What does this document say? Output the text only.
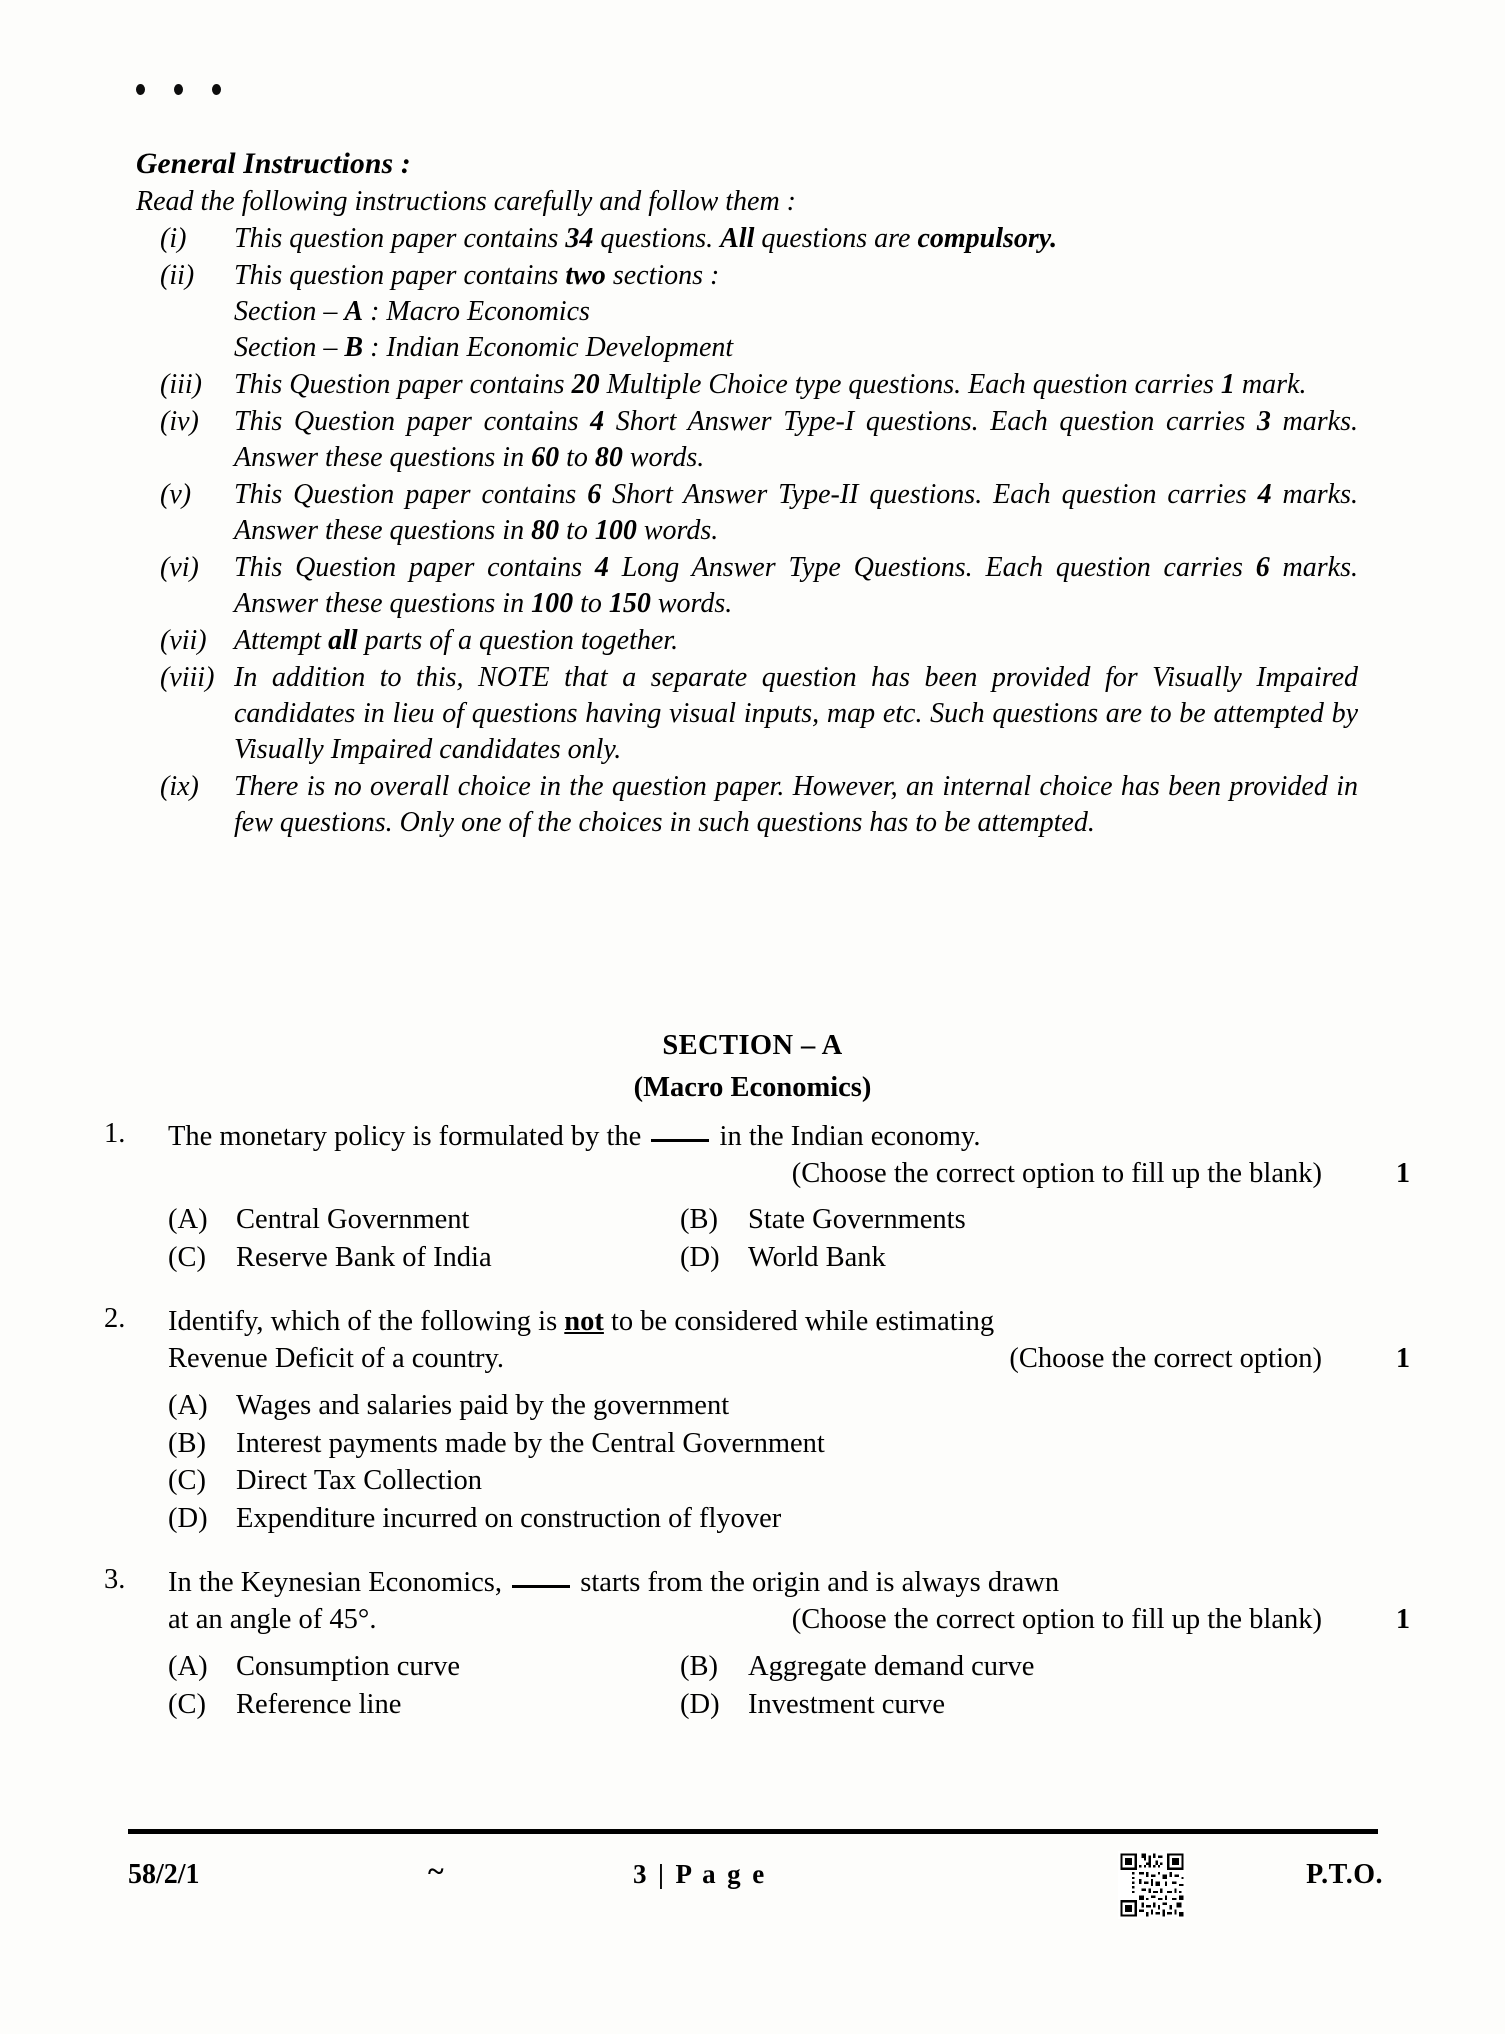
General Instructions :
Read the following instructions carefully and follow them :
(i)	This question paper contains 34 questions. All questions are compulsory.
(ii)	This question paper contains two sections :
Section – A : Macro Economics
Section – B : Indian Economic Development
(iii)	This Question paper contains 20 Multiple Choice type questions. Each question carries 1 mark.
(iv)	This Question paper contains 4 Short Answer Type-I questions. Each question carries 3 marks. Answer these questions in 60 to 80 words.
(v)	This Question paper contains 6 Short Answer Type-II questions. Each question carries 4 marks. Answer these questions in 80 to 100 words.
(vi)	This Question paper contains 4 Long Answer Type Questions. Each question carries 6 marks. Answer these questions in 100 to 150 words.
(vii) Attempt all parts of a question together.
(viii) In addition to this, NOTE that a separate question has been provided for Visually Impaired candidates in lieu of questions having visual inputs, map etc. Such questions are to be attempted by Visually Impaired candidates only.
(ix)	There is no overall choice in the question paper. However, an internal choice has been provided in few questions. Only one of the choices in such questions has to be attempted.
SECTION – A
(Macro Economics)
1.	The monetary policy is formulated by the  in the Indian economy.
(Choose the correct option to fill up the blank)	1
(A) Central Government	(B)	State Governments
(C)	Reserve Bank of India	(D) World Bank
2.	Identify, which of the following is not to be considered while estimating
Revenue Deficit of a country.	(Choose the correct option)	1
(A) Wages and salaries paid by the government
(B)	Interest payments made by the Central Government
(C)	Direct Tax Collection
(D) Expenditure incurred on construction of flyover
3.	In the Keynesian Economics,  starts from the origin and is always drawn
at an angle of 45°.	(Choose the correct option to fill up the blank)	1
(A) Consumption curve	(B)	Aggregate demand curve
(C)	Reference line	(D) Investment curve
58/2/1	~	3 | P a g e	P.T.O.
